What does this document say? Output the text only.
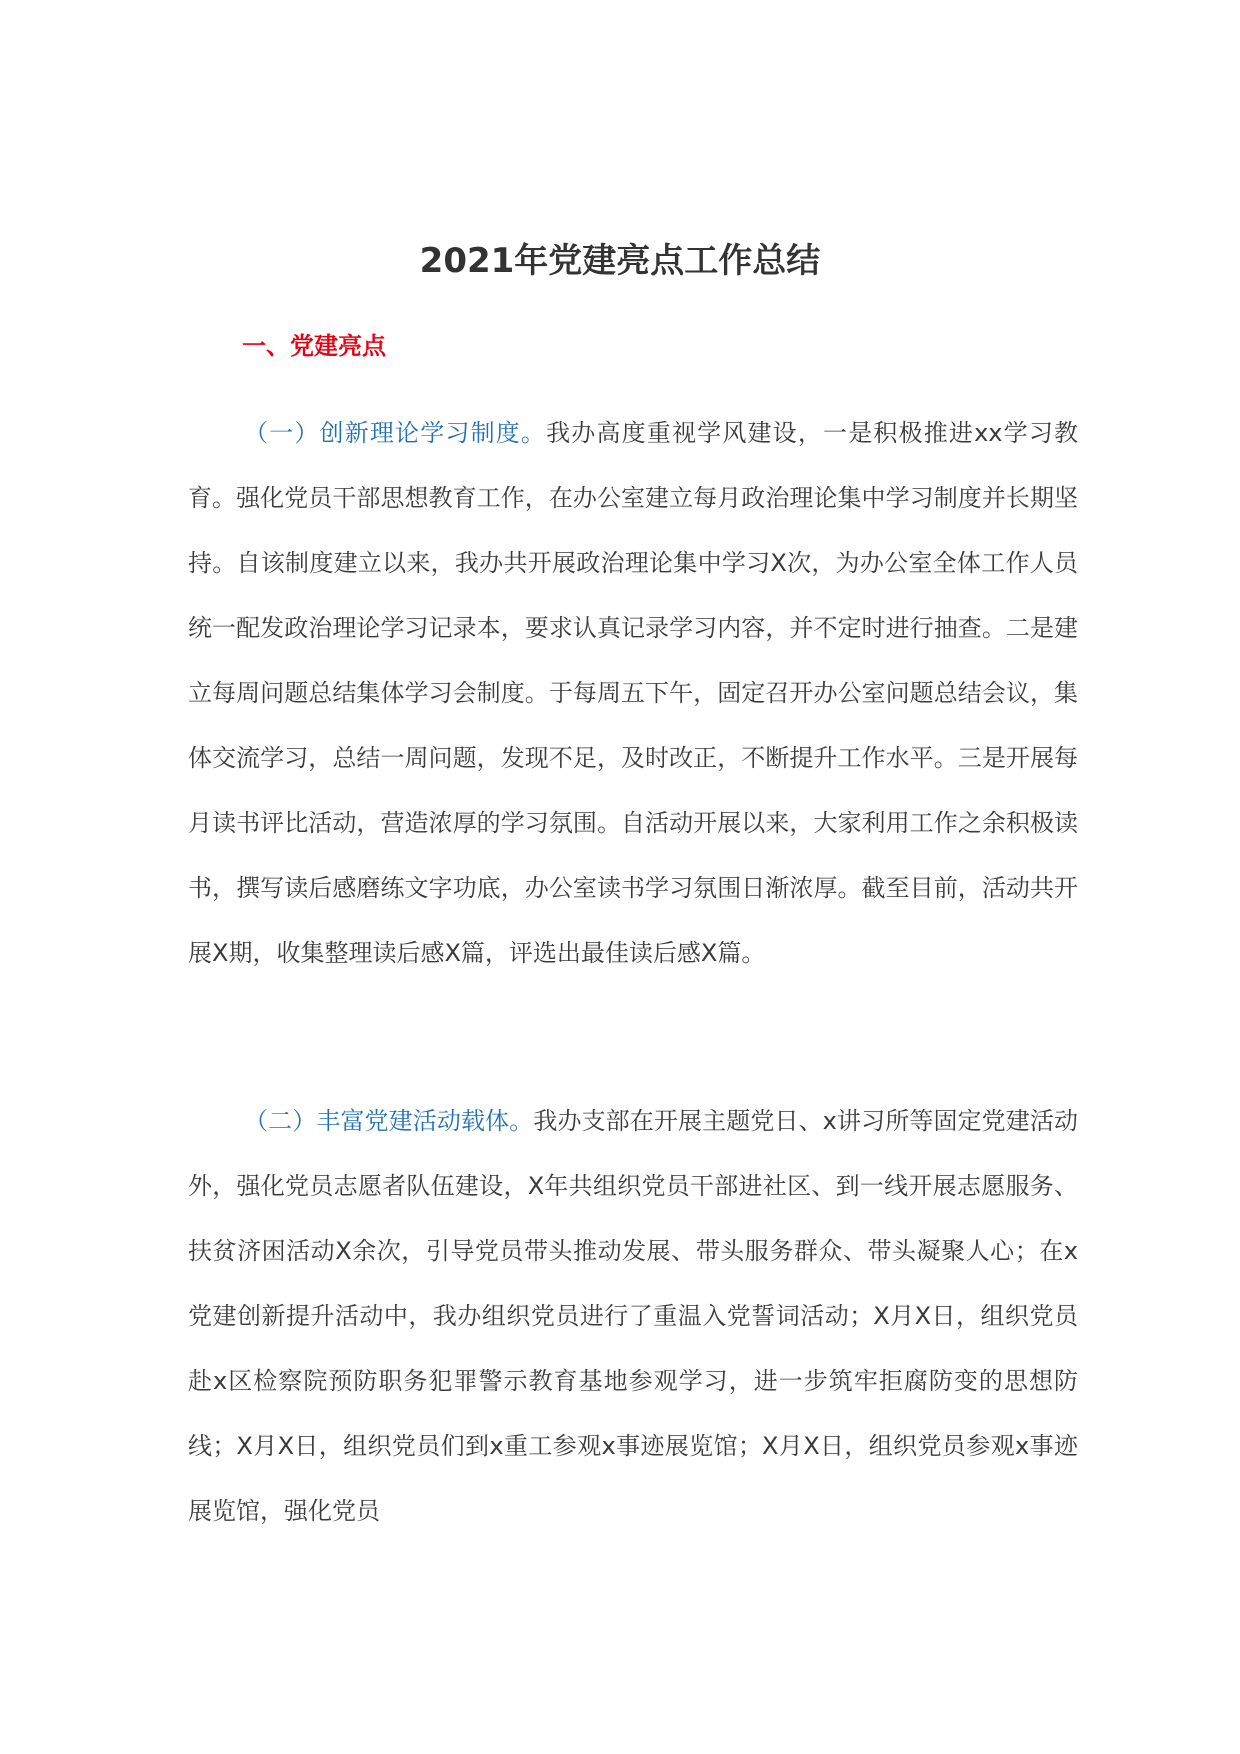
2021年党建亮点工作总结
一、党建亮点

（一）创新理论学习制度。我办高度重视学风建设，一是积极推进xx学习教育。强化党员干部思想教育工作，在办公室建立每月政治理论集中学习制度并长期坚持。自该制度建立以来，我办共开展政治理论集中学习X次，为办公室全体工作人员统一配发政治理论学习记录本，要求认真记录学习内容，并不定时进行抽查。二是建立每周问题总结集体学习会制度。于每周五下午，固定召开办公室问题总结会议，集体交流学习，总结一周问题，发现不足，及时改正，不断提升工作水平。三是开展每月读书评比活动，营造浓厚的学习氛围。自活动开展以来，大家利用工作之余积极读书，撰写读后感磨练文字功底，办公室读书学习氛围日渐浓厚。截至目前，活动共开展X期，收集整理读后感X篇，评选出最佳读后感X篇。

（二）丰富党建活动载体。我办支部在开展主题党日、x讲习所等固定党建活动外，强化党员志愿者队伍建设，X年共组织党员干部进社区、到一线开展志愿服务、扶贫济困活动X余次，引导党员带头推动发展、带头服务群众、带头凝聚人心；在x党建创新提升活动中，我办组织党员进行了重温入党誓词活动；X月X日，组织党员赴x区检察院预防职务犯罪警示教育基地参观学习，进一步筑牢拒腐防变的思想防线；X月X日，组织党员们到x重工参观x事迹展览馆；X月X日，组织党员参观x事迹展览馆，强化党员
